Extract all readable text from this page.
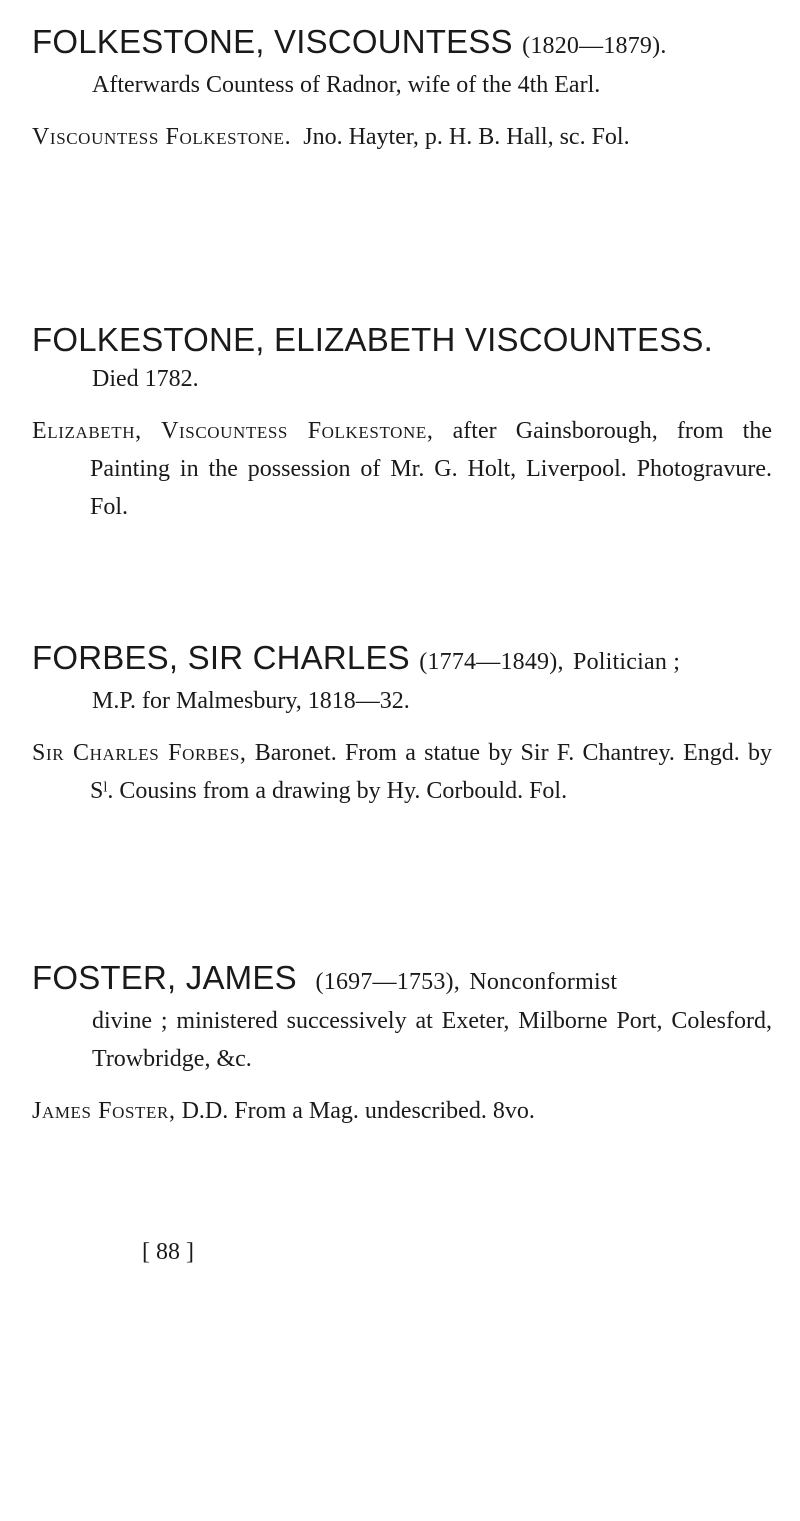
FOLKESTONE, VISCOUNTESS (1820—1879).

Afterwards Countess of Radnor, wife of the 4th Earl.

Viscountess Folkestone. Jno. Hayter, p. H. B. Hall, sc. Fol.

FOLKESTONE, ELIZABETH VISCOUNTESS.

Died 1782.

Elizabeth, Viscountess Folkestone, after Gainsborough, from the Painting in the possession of Mr. G. Holt, Liverpool. Photogravure. Fol.

FORBES, SIR CHARLES (1774—1849), Politician ;

M.P. for Malmesbury, 1818—32.

Sir Charles Forbes, Baronet. From a statue by Sir F. Chantrey. Engd. by Sˡ. Cousins from a drawing by Hy. Corbould. Fol.

FOSTER, JAMES (1697—1753), Nonconformist

divine ; ministered successively at Exeter, Milborne Port, Colesford, Trowbridge, &c.

James Foster, D.D. From a Mag. undescribed. 8vo.

[ 88 ]
